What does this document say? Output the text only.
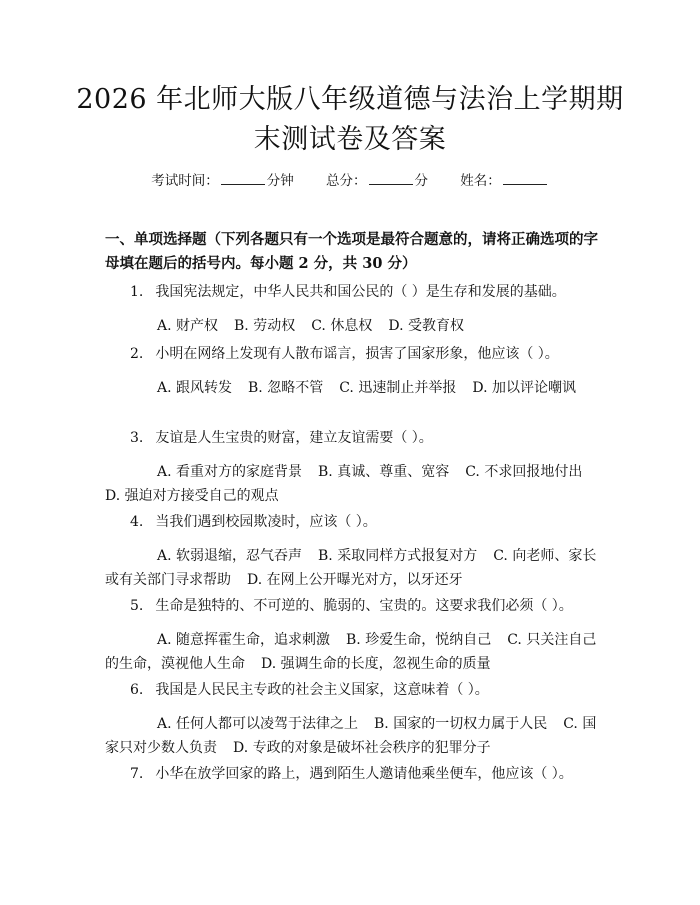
2026 年北师大版八年级道德与法治上学期期
末测试卷及答案
考试时间：	分钟 总分：	分 姓名：

一、单项选择题（下列各题只有一个选项是最符合题意的，请将正确选项的字母填在题后的括号内。每小题 2 分，共 30 分）

1. 我国宪法规定，中华人民共和国公民的（ ）是生存和发展的基础。
A. 财产权 B. 劳动权 C. 休息权 D. 受教育权
2. 小明在网络上发现有人散布谣言，损害了国家形象，他应该（ ）。
A. 跟风转发 B. 忽略不管 C. 迅速制止并举报 D. 加以评论嘲讽
3. 友谊是人生宝贵的财富，建立友谊需要（ ）。
A. 看重对方的家庭背景 B. 真诚、尊重、宽容 C. 不求回报地付出D. 强迫对方接受自己的观点
4. 当我们遇到校园欺凌时，应该（ ）。
A. 软弱退缩，忍气吞声 B. 采取同样方式报复对方 C. 向老师、家长或有关部门寻求帮助 D. 在网上公开曝光对方，以牙还牙
5. 生命是独特的、不可逆的、脆弱的、宝贵的。这要求我们必须（ ）。
A. 随意挥霍生命，追求刺激 B. 珍爱生命，悦纳自己 C. 只关注自己的生命，漠视他人生命 D. 强调生命的长度，忽视生命的质量
6. 我国是人民民主专政的社会主义国家，这意味着（ ）。
A. 任何人都可以凌驾于法律之上 B. 国家的一切权力属于人民 C. 国家只对少数人负责 D. 专政的对象是破坏社会秩序的犯罪分子
7. 小华在放学回家的路上，遇到陌生人邀请他乘坐便车，他应该（ ）。
